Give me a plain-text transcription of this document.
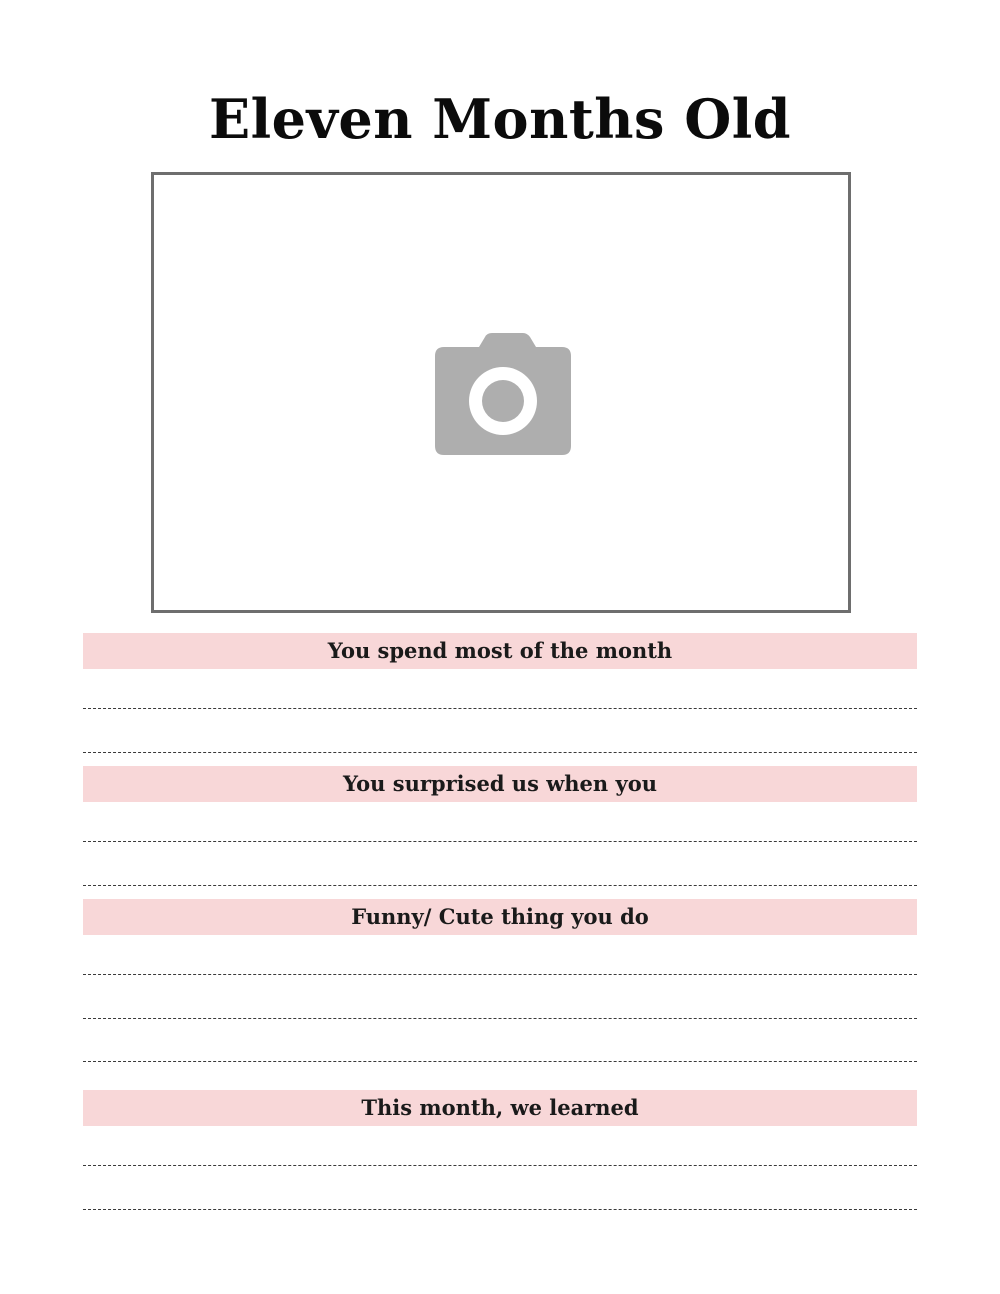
Eleven Months Old
You spend most of the month
You surprised us when you
Funny/ Cute thing you do
This month, we learned
